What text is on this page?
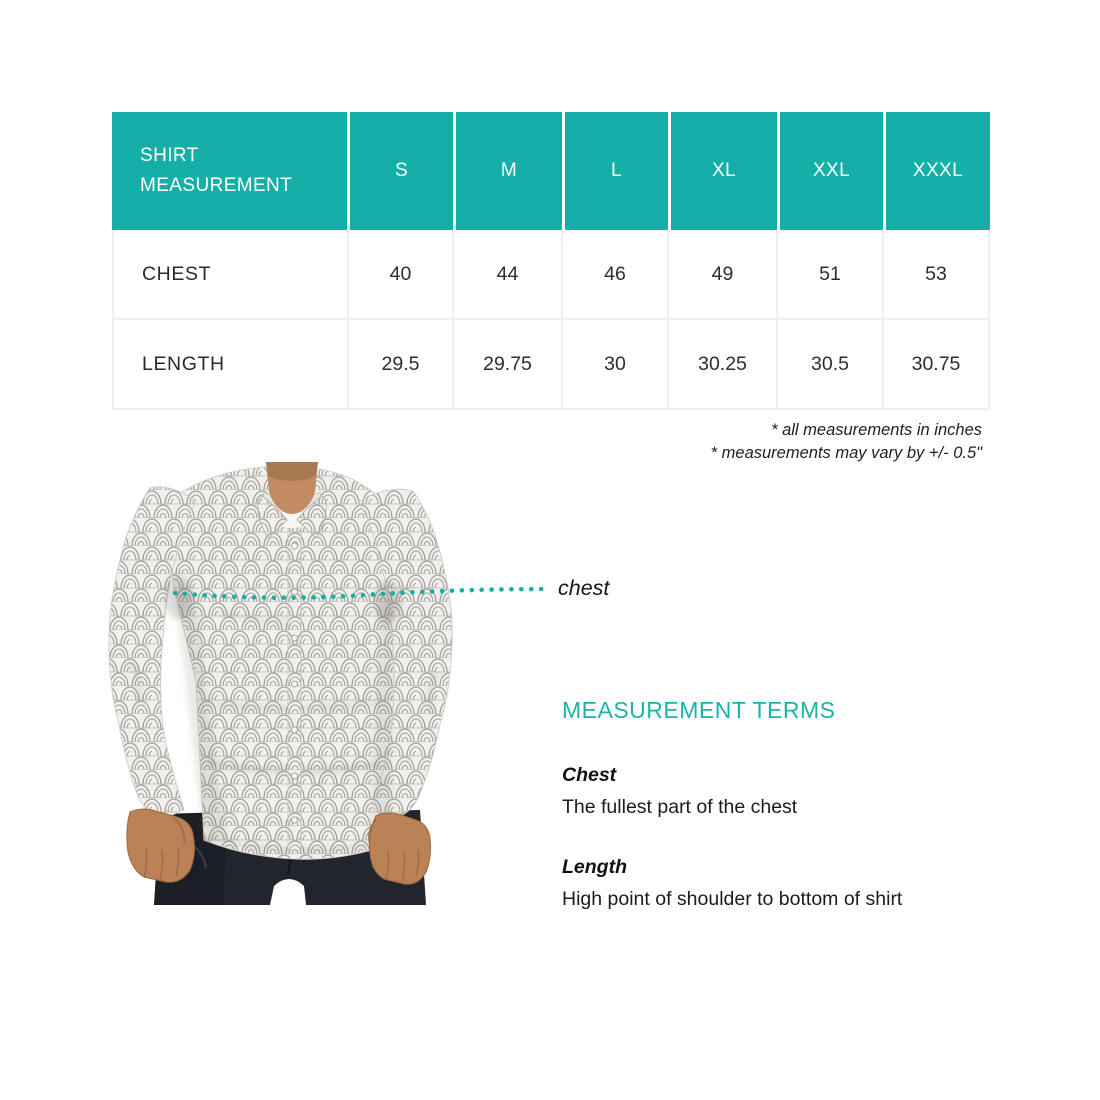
SHIRT MEASUREMENT
S	M	L	XL	XXL	XXXL
CHEST	40	44	46	49	51	53
LENGTH	29.5	29.75	30	30.25	30.5	30.75
* all measurements in inches
* measurements may vary by +/- 0.5"
chest
MEASUREMENT TERMS

Chest

The fullest part of the chest

Length

High point of shoulder to bottom of shirt
